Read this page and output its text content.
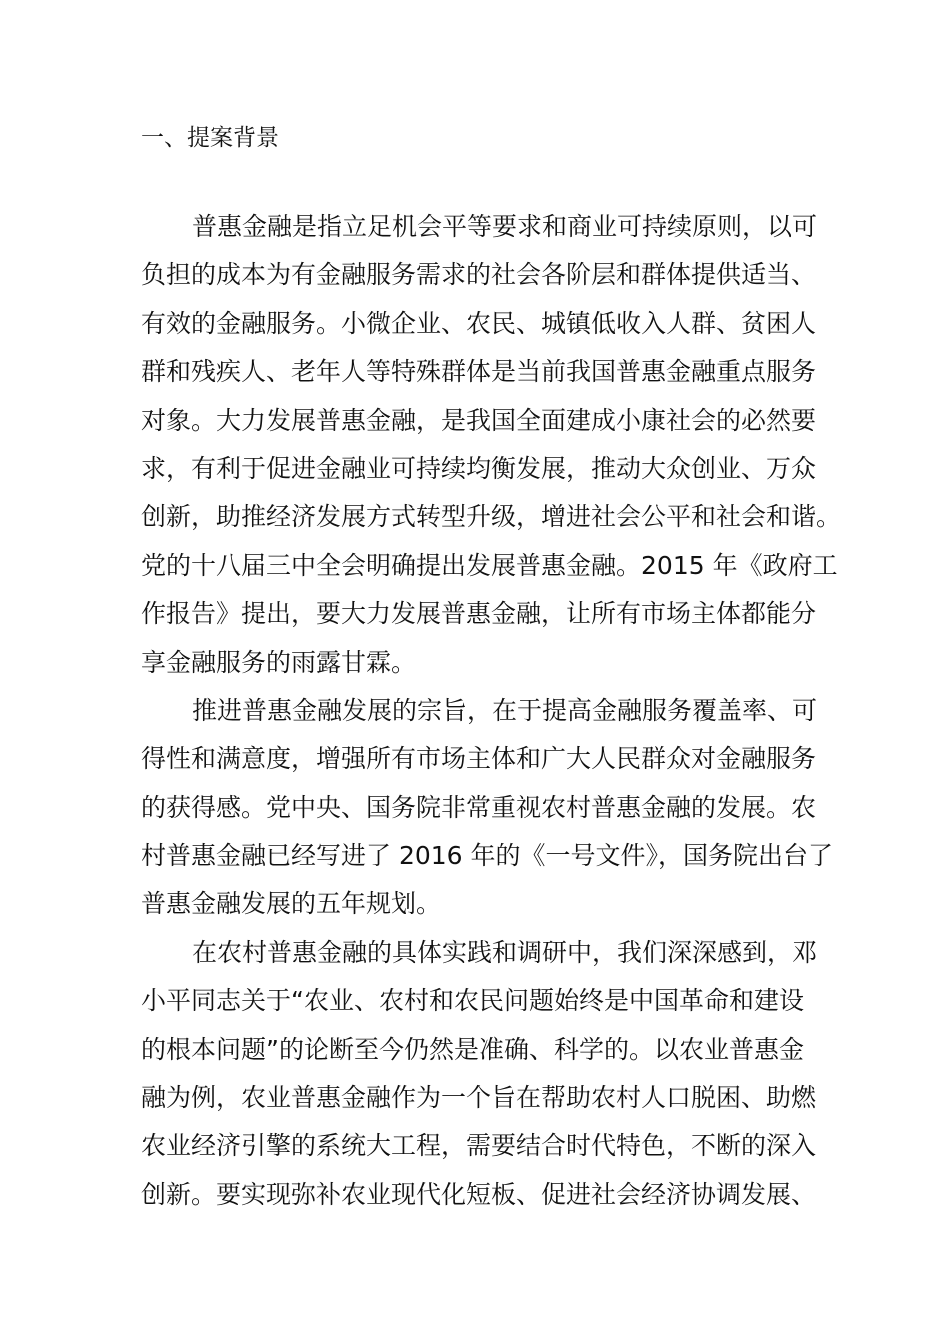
一、提案背景
普惠金融是指立足机会平等要求和商业可持续原则，以可
负担的成本为有金融服务需求的社会各阶层和群体提供适当、
有效的金融服务。小微企业、农民、城镇低收入人群、贫困人
群和残疾人、老年人等特殊群体是当前我国普惠金融重点服务
对象。大力发展普惠金融，是我国全面建成小康社会的必然要
求，有利于促进金融业可持续均衡发展，推动大众创业、万众
创新，助推经济发展方式转型升级，增进社会公平和社会和谐。
党的十八届三中全会明确提出发展普惠金融。2015 年《政府工
作报告》提出，要大力发展普惠金融，让所有市场主体都能分
享金融服务的雨露甘霖。
推进普惠金融发展的宗旨，在于提高金融服务覆盖率、可
得性和满意度，增强所有市场主体和广大人民群众对金融服务
的获得感。党中央、国务院非常重视农村普惠金融的发展。农
村普惠金融已经写进了 2016 年的《一号文件》，国务院出台了
普惠金融发展的五年规划。
在农村普惠金融的具体实践和调研中，我们深深感到，邓
小平同志关于“农业、农村和农民问题始终是中国革命和建设
的根本问题”的论断至今仍然是准确、科学的。以农业普惠金
融为例，农业普惠金融作为一个旨在帮助农村人口脱困、助燃
农业经济引擎的系统大工程，需要结合时代特色，不断的深入
创新。要实现弥补农业现代化短板、促进社会经济协调发展、
